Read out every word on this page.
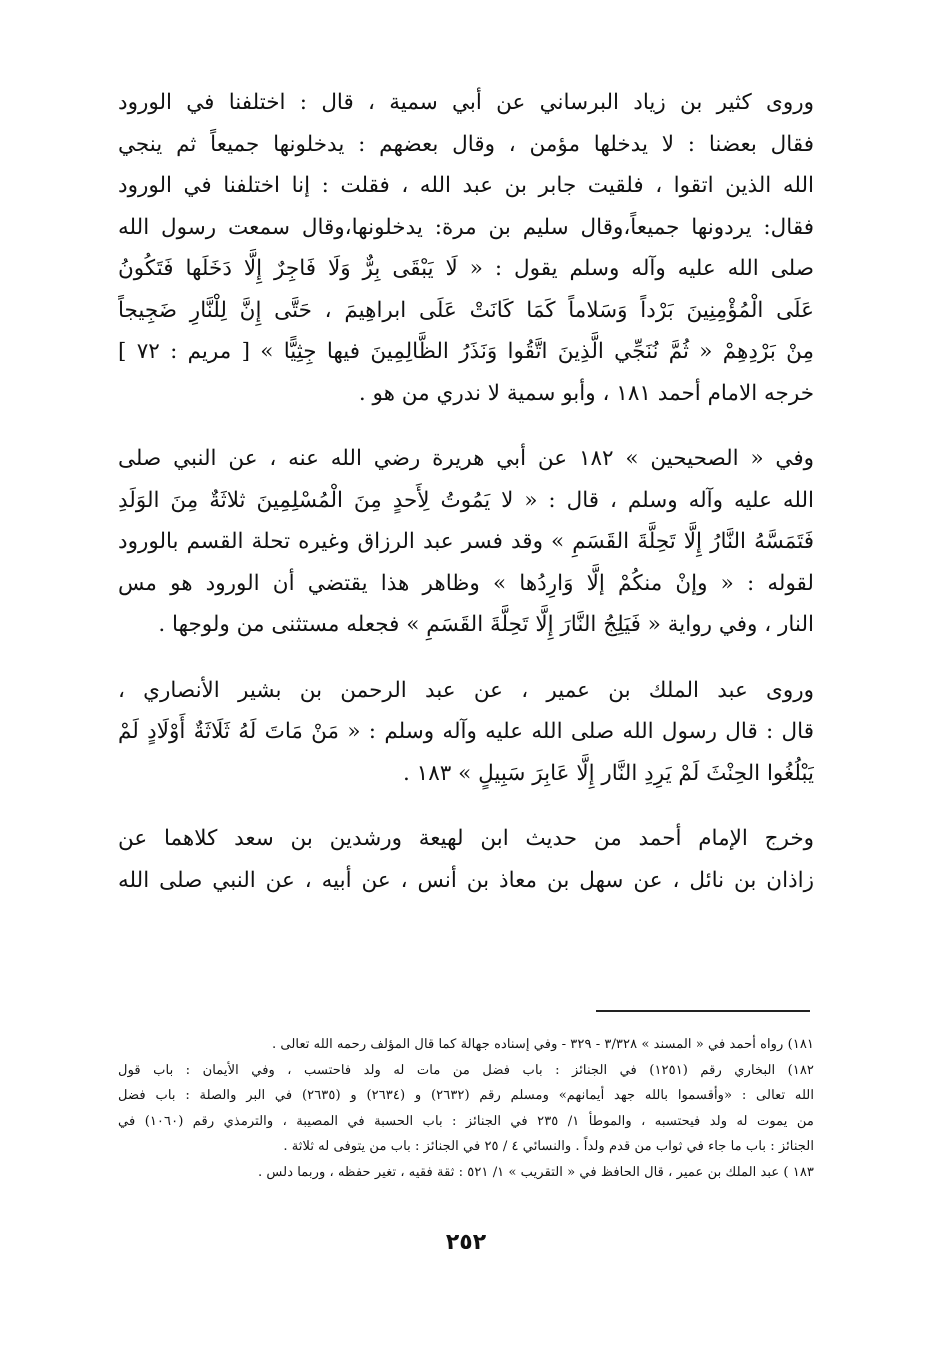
وروى كثير بن زياد البرساني عن أبي سمية ، قال : اختلفنا في الورود
فقال بعضنا : لا يدخلها مؤمن ، وقال بعضهم : يدخلونها جميعاً ثم ينجي
الله الذين اتقوا ، فلقيت جابر بن عبد الله ، فقلت : إنا اختلفنا في الورود
فقال: يردونها جميعاً،وقال سليم بن مرة: يدخلونها،وقال سمعت رسول الله
صلى الله عليه وآله وسلم يقول : « لَا يَبْقَى بِرٌّ وَلَا فَاجِرٌ إِلَّا دَخَلَها فَتَكُونُ
عَلَى الْمُؤْمِنِينَ بَرْداً وَسَلاماً كَمَا كَانَتْ عَلَى ابراهِيمَ ، حَتَّى إِنَّ لِلْنَّارِ ضَجِيجاً
مِنْ بَرْدِهِمْ « ثُمَّ نُنَجِّي الَّذِينَ اتَّقُوا وَنَذَرُ الظَّالِمِينَ فيها جِثِيًّا » [ مريم : ٧٢ ]
خرجه الامام أحمد ١٨١ ، وأبو سمية لا ندري من هو .
وفي « الصحيحين » ١٨٢ عن أبي هريرة رضي الله عنه ، عن النبي صلى
الله عليه وآله وسلم ، قال : « لا يَمُوتُ لِأَحدٍ مِنَ الْمُسْلِمِينَ ثلاثَةٌ مِنَ الوَلَدِ
فَتَمَسَّهُ النَّارُ إِلَّا تَحِلَّةَ القَسَمِ » وقد فسر عبد الرزاق وغيره تحلة القسم بالورود
لقوله : « وإنْ منكُمْ إلَّا وَارِدُها » وظاهر هذا يقتضي أن الورود هو مس
النار ، وفي رواية « فَيَلِجُ النَّارَ إِلَّا تَحِلَّةَ القَسَمِ » فجعله مستثنى من ولوجها .
وروى عبد الملك بن عمير ، عن عبد الرحمن بن بشير الأنصاري ،
قال : قال رسول الله صلى الله عليه وآله وسلم : « مَنْ مَاتَ لَهُ ثَلَاثَةٌ أَوْلَادٍ لَمْ
يَبْلُغُوا الحِنْثَ لَمْ يَرِدِ النَّار إِلَّا عَابِرَ سَبِيلٍ » ١٨٣ .
وخرج الإمام أحمد من حديث ابن لهيعة ورشدين بن سعد كلاهما عن
زاذان بن نائل ، عن سهل بن معاذ بن أنس ، عن أبيه ، عن النبي صلى الله
١٨١) رواه أحمد في « المسند » ٣/٣٢٨ - ٣٢٩ - وفي إسناده جهالة كما قال المؤلف رحمه الله تعالى .
١٨٢) البخاري رقم (١٢٥١) في الجنائز : باب فضل من مات له ولد فاحتسب ، وفي الأيمان : باب قول
الله تعالى : «وأقسموا بالله جهد أيمانهم» ومسلم رقم (٢٦٣٢) و (٢٦٣٤) و (٢٦٣٥) في البر والصلة : باب فضل
من يموت له ولد فيحتسبه ، والموطأ ١/ ٢٣٥ في الجنائز : باب الحسبة في المصيبة ، والترمذي رقم (١٠٦٠) في
الجنائز : باب ما جاء في ثواب من قدم ولداً . والنسائي ٤ / ٢٥ في الجنائز : باب من يتوفى له ثلاثة .
١٨٣ ) عبد الملك بن عمير ، قال الحافظ في « التقريب » ١/ ٥٢١ : ثقة فقيه ، تغير حفظه ، وربما دلس .
٢٥٢
